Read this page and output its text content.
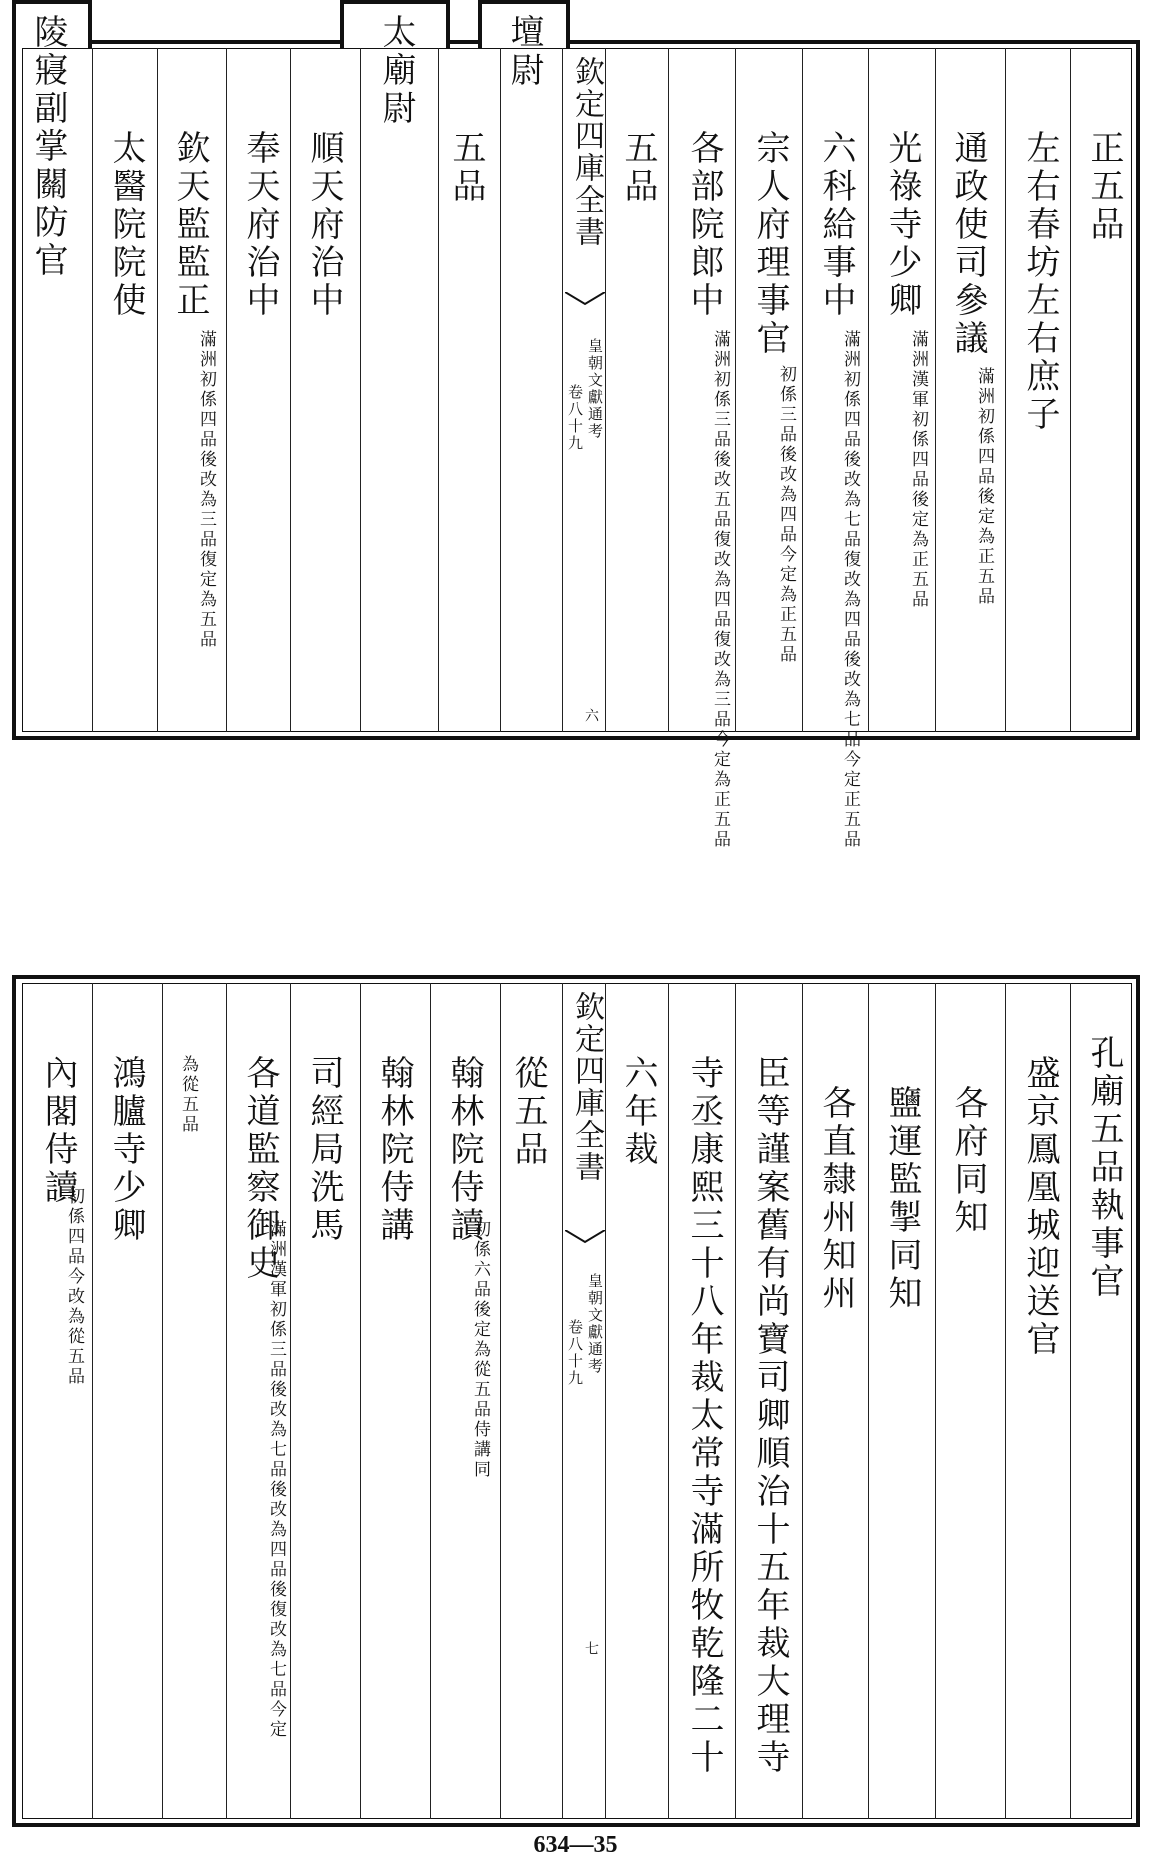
陵寢副掌關防官	太廟尉	壇尉
欽定四庫全書
皇朝文獻通考
卷八十九
六
正五品
左右春坊左右庶子
通政使司參議
滿洲初係四品後定為正五品
光祿寺少卿
滿洲漢軍初係四品後定為正五品
六科給事中
滿洲初係四品後改為七品復改為四品後改為七品今定正五品
宗人府理事官
初係三品後改為四品今定為正五品
各部院郎中
滿洲初係三品後改五品復改為四品復改為三品今定為正五品
五品
五品
順天府治中
奉天府治中
欽天監監正
滿洲初係四品後改為三品復定為五品
太醫院院使
欽定四庫全書
皇朝文獻通考
卷八十九
七
孔廟五品執事官
盛京鳳凰城迎送官
各府同知
鹽運監掣同知
各直隸州知州
臣等謹案舊有尚寶司卿順治十五年裁大理寺
寺丞康熙三十八年裁太常寺滿所牧乾隆二十
六年裁
從五品
翰林院侍讀
初係六品後定為從五品侍講同
翰林院侍講
司經局洗馬
各道監察御史
滿洲漢軍初係三品後改為七品後改為四品後復改為七品今定
為從五品
鴻臚寺少卿
內閣侍讀
初係四品今改為從五品
634—35
